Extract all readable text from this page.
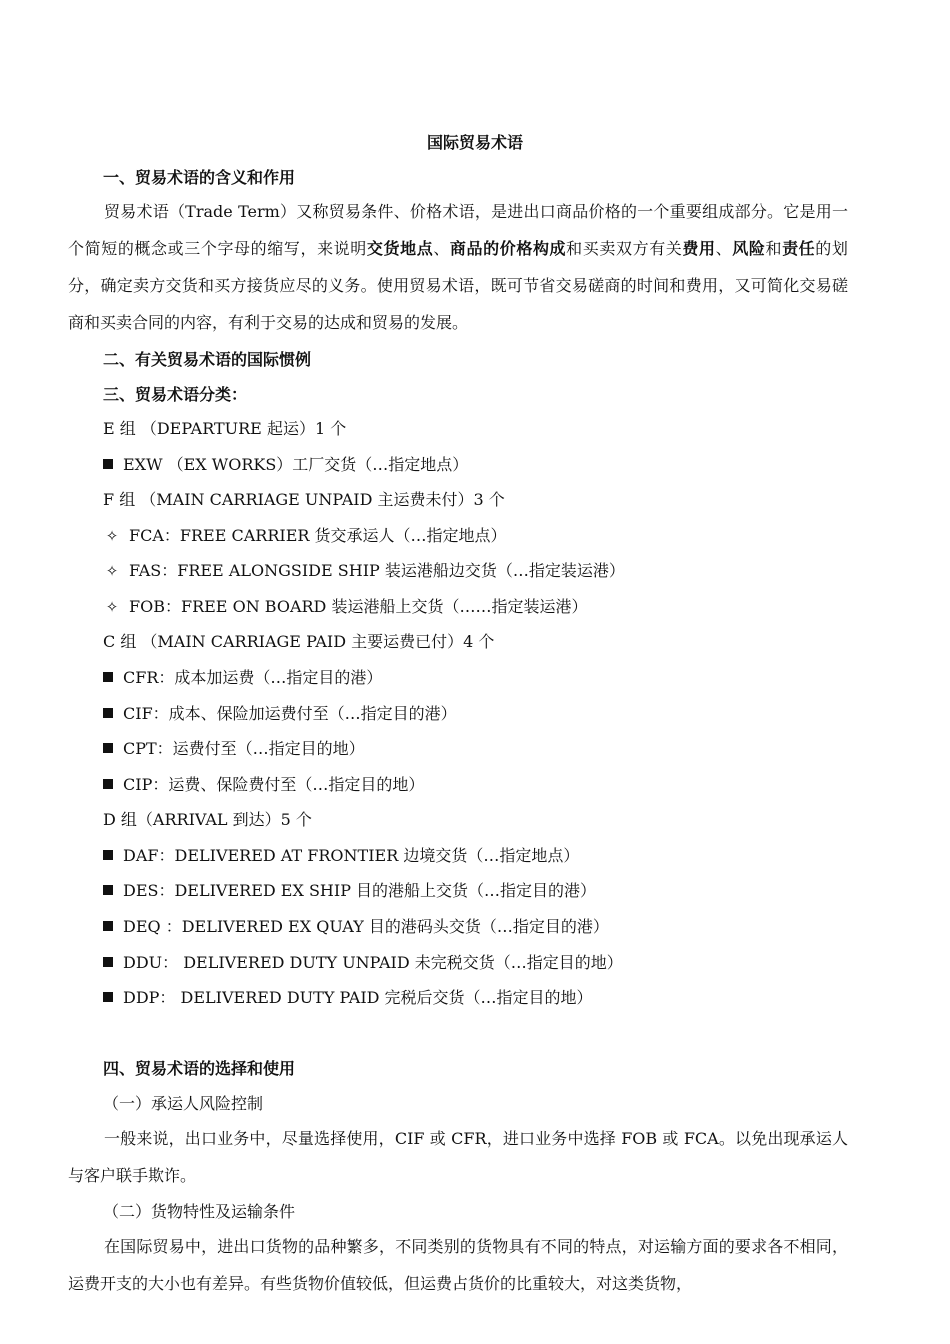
国际贸易术语
一、贸易术语的含义和作用
贸易术语（Trade Term）又称贸易条件、价格术语，是进出口商品价格的一个重要组成部分。它是用一个简短的概念或三个字母的缩写，来说明交货地点、商品的价格构成和买卖双方有关费用、风险和责任的划分，确定卖方交货和买方接货应尽的义务。使用贸易术语，既可节省交易磋商的时间和费用，又可简化交易磋商和买卖合同的内容，有利于交易的达成和贸易的发展。
二、有关贸易术语的国际惯例
三、贸易术语分类：
E 组 （DEPARTURE 起运）1 个
EXW （EX WORKS）工厂交货（…指定地点）
F 组 （MAIN CARRIAGE UNPAID 主运费未付）3 个
✧ FCA：FREE CARRIER 货交承运人（…指定地点）
✧ FAS：FREE ALONGSIDE SHIP 装运港船边交货（…指定装运港）
✧ FOB：FREE ON BOARD 装运港船上交货（……指定装运港）
C 组 （MAIN CARRIAGE PAID 主要运费已付）4 个
CFR：成本加运费（…指定目的港）
CIF：成本、保险加运费付至（…指定目的港）
CPT：运费付至（…指定目的地）
CIP：运费、保险费付至（…指定目的地）
D 组（ARRIVAL 到达）5 个
DAF：DELIVERED AT FRONTIER 边境交货（…指定地点）
DES：DELIVERED EX SHIP 目的港船上交货（…指定目的港）
DEQ ：DELIVERED EX QUAY 目的港码头交货（…指定目的港）
DDU： DELIVERED DUTY UNPAID 未完税交货（…指定目的地）
DDP： DELIVERED DUTY PAID 完税后交货（…指定目的地）
四、贸易术语的选择和使用
（一）承运人风险控制
一般来说，出口业务中，尽量选择使用，CIF 或 CFR，进口业务中选择 FOB 或 FCA。以免出现承运人与客户联手欺诈。
（二）货物特性及运输条件
在国际贸易中，进出口货物的品种繁多，不同类别的货物具有不同的特点，对运输方面的要求各不相同，运费开支的大小也有差异。有些货物价值较低，但运费占货价的比重较大，对这类货物，
